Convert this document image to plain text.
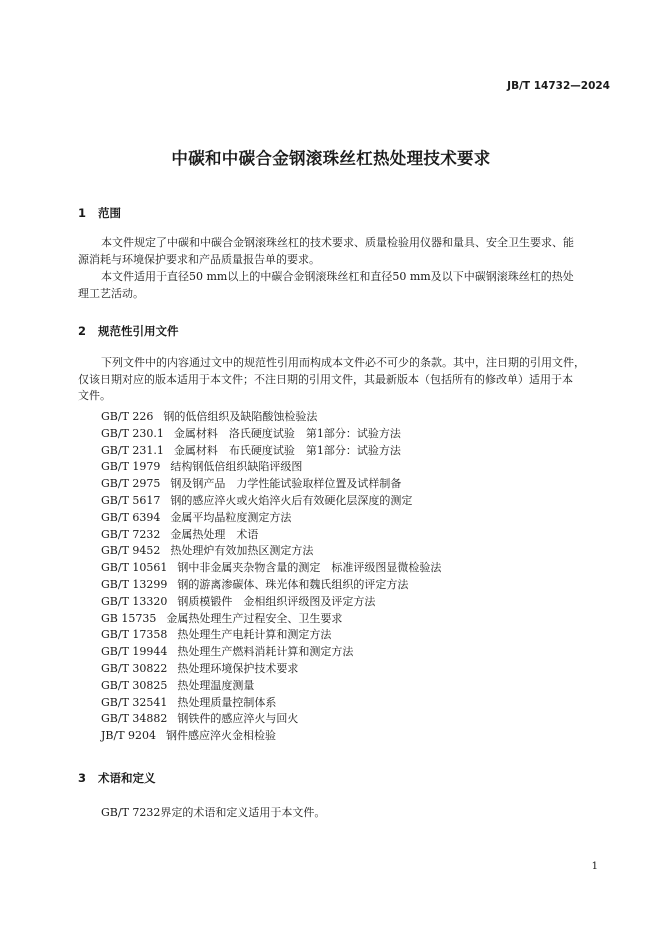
JB/T 14732—2024
中碳和中碳合金钢滚珠丝杠热处理技术要求
1 范围
本文件规定了中碳和中碳合金钢滚珠丝杠的技术要求、质量检验用仪器和量具、安全卫生要求、能
源消耗与环境保护要求和产品质量报告单的要求。
本文件适用于直径50 mm以上的中碳合金钢滚珠丝杠和直径50 mm及以下中碳钢滚珠丝杠的热处
理工艺活动。
2 规范性引用文件
下列文件中的内容通过文中的规范性引用而构成本文件必不可少的条款。其中，注日期的引用文件，
仅该日期对应的版本适用于本文件；不注日期的引用文件，其最新版本（包括所有的修改单）适用于本
文件。
GB/T 226 钢的低倍组织及缺陷酸蚀检验法
GB/T 230.1 金属材料　洛氏硬度试验　第1部分：试验方法
GB/T 231.1 金属材料　布氏硬度试验　第1部分：试验方法
GB/T 1979 结构钢低倍组织缺陷评级图
GB/T 2975 钢及钢产品　力学性能试验取样位置及试样制备
GB/T 5617 钢的感应淬火或火焰淬火后有效硬化层深度的测定
GB/T 6394 金属平均晶粒度测定方法
GB/T 7232 金属热处理　术语
GB/T 9452 热处理炉有效加热区测定方法
GB/T 10561 钢中非金属夹杂物含量的测定　标准评级图显微检验法
GB/T 13299 钢的游离渗碳体、珠光体和魏氏组织的评定方法
GB/T 13320 钢质模锻件　金相组织评级图及评定方法
GB 15735 金属热处理生产过程安全、卫生要求
GB/T 17358 热处理生产电耗计算和测定方法
GB/T 19944 热处理生产燃料消耗计算和测定方法
GB/T 30822 热处理环境保护技术要求
GB/T 30825 热处理温度测量
GB/T 32541 热处理质量控制体系
GB/T 34882 钢铁件的感应淬火与回火
JB/T 9204 钢件感应淬火金相检验
3 术语和定义
GB/T 7232界定的术语和定义适用于本文件。
1
